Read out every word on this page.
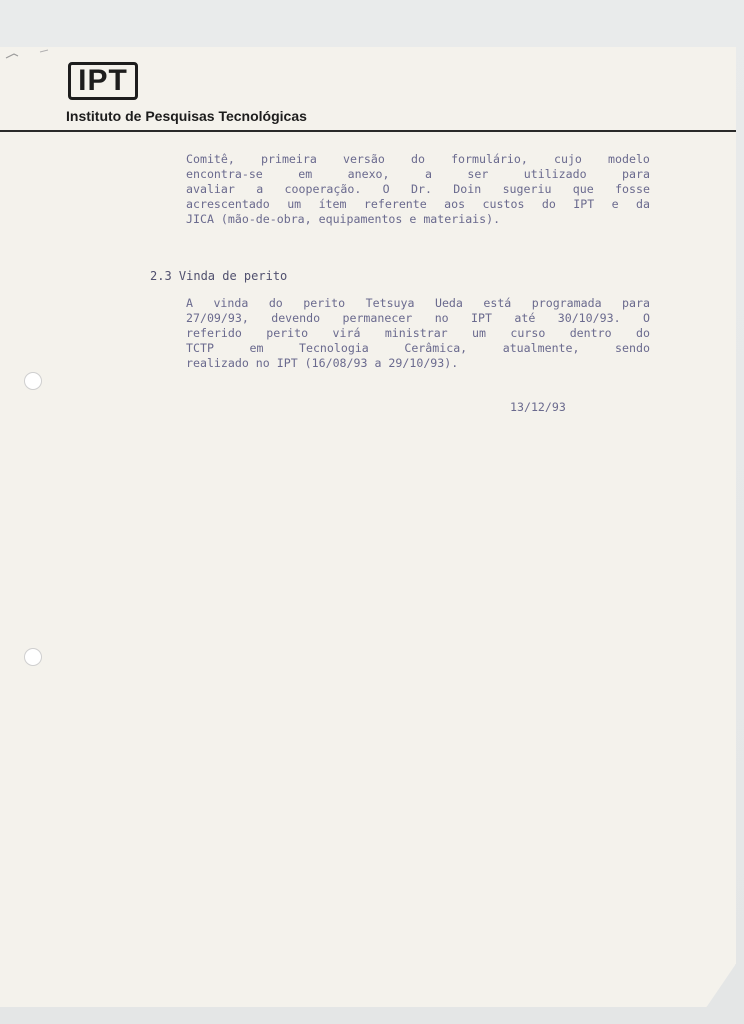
IPT
Instituto de Pesquisas Tecnológicas
Comitê, primeira versão do formulário, cujo modelo
encontra-se	em	anexo,	a	ser	utilizado	para
avaliar a cooperação. O Dr. Doin sugeriu que fosse
acrescentado um ítem referente aos custos do IPT e da
JICA (mão-de-obra, equipamentos e materiais).
2.3 Vinda de perito
A vinda do perito Tetsuya Ueda está programada para
27/09/93, devendo permanecer no IPT até 30/10/93. O
referido perito virá ministrar um curso dentro do
TCTP	em	Tecnologia	Cerâmica,	atualmente,	sendo
realizado no IPT (16/08/93 a 29/10/93).
13/12/93
